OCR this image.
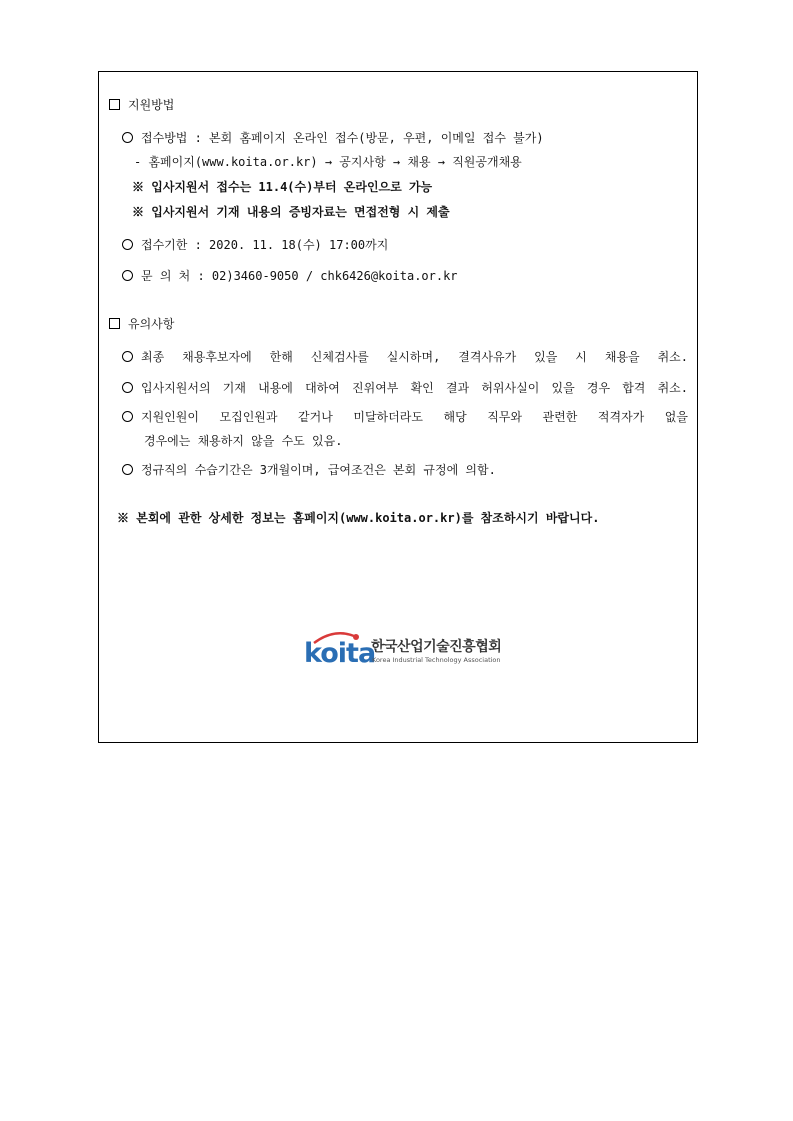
지원방법
접수방법 : 본회 홈페이지 온라인 접수(방문, 우편, 이메일 접수 불가)
- 홈페이지(www.koita.or.kr) → 공지사항 → 채용 → 직원공개채용
※ 입사지원서 접수는 11.4(수)부터 온라인으로 가능
※ 입사지원서 기재 내용의 증빙자료는 면접전형 시 제출
접수기한 : 2020. 11. 18(수) 17:00까지
문 의 처 : 02)3460-9050 / chk6426@koita.or.kr
유의사항
최종 채용후보자에 한해 신체검사를 실시하며, 결격사유가 있을 시 채용을 취소.
입사지원서의 기재 내용에 대하여 진위여부 확인 결과 허위사실이 있을 경우 합격 취소.
지원인원이 모집인원과 같거나 미달하더라도 해당 직무와 관련한 적격자가 없을
경우에는 채용하지 않을 수도 있음.
정규직의 수습기간은 3개월이며, 급여조건은 본회 규정에 의함.
※ 본회에 관한 상세한 정보는 홈페이지(www.koita.or.kr)를 참조하시기 바랍니다.
koita
한국산업기술진흥협회
Korea Industrial Technology Association
